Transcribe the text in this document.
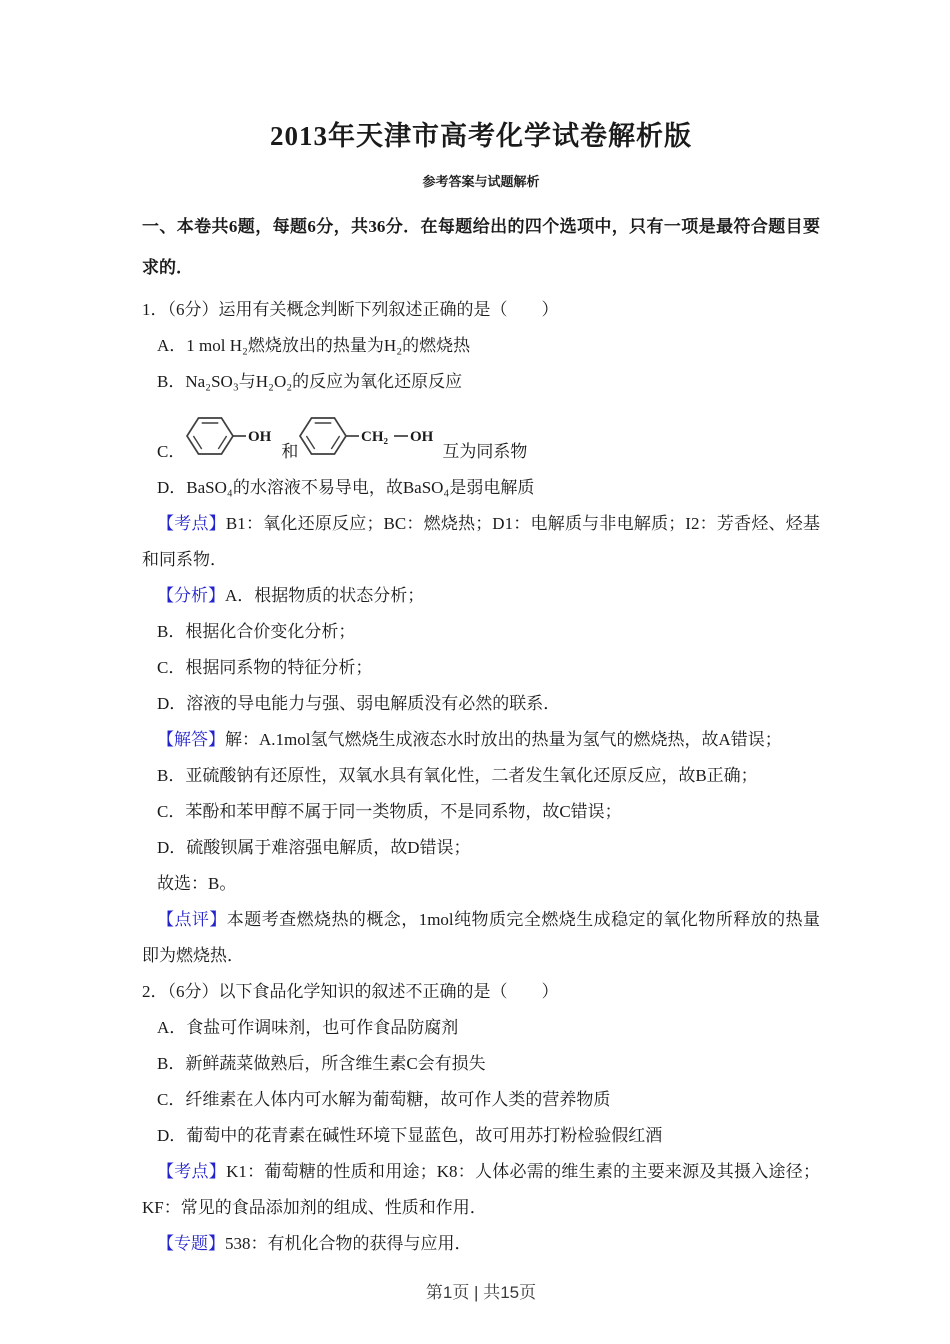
2013年天津市高考化学试卷解析版
参考答案与试题解析

一、本卷共6题，每题6分，共36分．在每题给出的四个选项中，只有一项是最符合题目要求的．

1．（6分）运用有关概念判断下列叙述正确的是（　　）

A．1 mol H₂燃烧放出的热量为H₂的燃烧热

B．Na₂SO₃与H₂O₂的反应为氧化还原反应

C．
OH
和
CH₂ OH
互为同系物

D．BaSO₄的水溶液不易导电，故BaSO₄是弱电解质

【考点】B1：氧化还原反应；BC：燃烧热；D1：电解质与非电解质；I2：芳香烃、烃基和同系物．

【分析】A．根据物质的状态分析；

B．根据化合价变化分析；

C．根据同系物的特征分析；

D．溶液的导电能力与强、弱电解质没有必然的联系．

【解答】解：A.1mol氢气燃烧生成液态水时放出的热量为氢气的燃烧热，故A错误；

B．亚硫酸钠有还原性，双氧水具有氧化性，二者发生氧化还原反应，故B正确；

C．苯酚和苯甲醇不属于同一类物质，不是同系物，故C错误；

D．硫酸钡属于难溶强电解质，故D错误；

故选：B。

【点评】本题考查燃烧热的概念，1mol纯物质完全燃烧生成稳定的氧化物所释放的热量即为燃烧热．

2．（6分）以下食品化学知识的叙述不正确的是（　　）

A．食盐可作调味剂，也可作食品防腐剂

B．新鲜蔬菜做熟后，所含维生素C会有损失

C．纤维素在人体内可水解为葡萄糖，故可作人类的营养物质

D．葡萄中的花青素在碱性环境下显蓝色，故可用苏打粉检验假红酒

【考点】K1：葡萄糖的性质和用途；K8：人体必需的维生素的主要来源及其摄入途径；KF：常见的食品添加剂的组成、性质和作用．

【专题】538：有机化合物的获得与应用．

第1页 | 共15页
